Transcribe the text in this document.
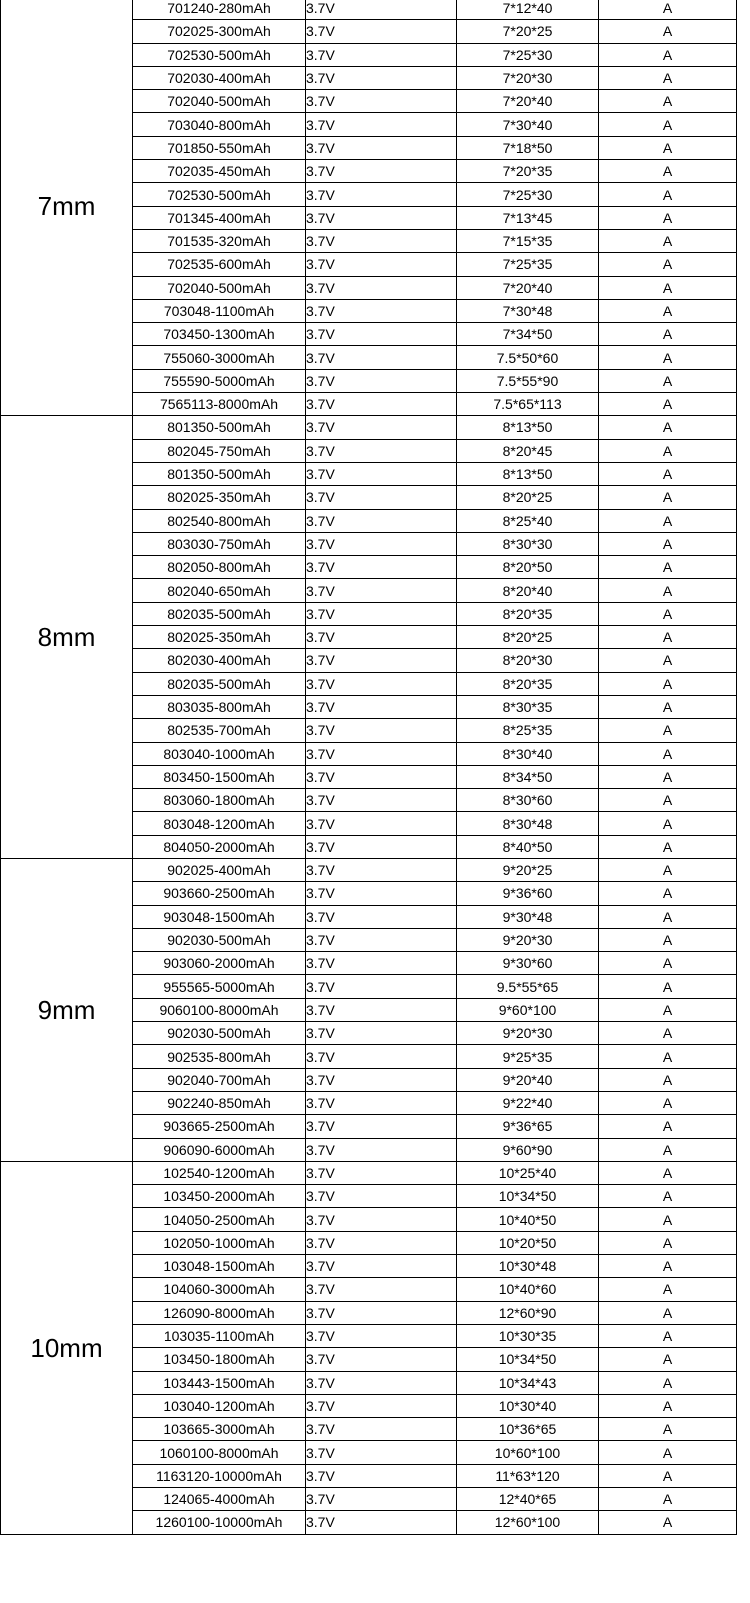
7mm	701240-280mAh	3.7V	7*12*40	A
	702025-300mAh	3.7V	7*20*25	A
	702530-500mAh	3.7V	7*25*30	A
	702030-400mAh	3.7V	7*20*30	A
	702040-500mAh	3.7V	7*20*40	A
	703040-800mAh	3.7V	7*30*40	A
	701850-550mAh	3.7V	7*18*50	A
	702035-450mAh	3.7V	7*20*35	A
	702530-500mAh	3.7V	7*25*30	A
	701345-400mAh	3.7V	7*13*45	A
	701535-320mAh	3.7V	7*15*35	A
	702535-600mAh	3.7V	7*25*35	A
	702040-500mAh	3.7V	7*20*40	A
	703048-1100mAh	3.7V	7*30*48	A
	703450-1300mAh	3.7V	7*34*50	A
	755060-3000mAh	3.7V	7.5*50*60	A
	755590-5000mAh	3.7V	7.5*55*90	A
	7565113-8000mAh	3.7V	7.5*65*113	A
8mm	801350-500mAh	3.7V	8*13*50	A
	802045-750mAh	3.7V	8*20*45	A
	801350-500mAh	3.7V	8*13*50	A
	802025-350mAh	3.7V	8*20*25	A
	802540-800mAh	3.7V	8*25*40	A
	803030-750mAh	3.7V	8*30*30	A
	802050-800mAh	3.7V	8*20*50	A
	802040-650mAh	3.7V	8*20*40	A
	802035-500mAh	3.7V	8*20*35	A
	802025-350mAh	3.7V	8*20*25	A
	802030-400mAh	3.7V	8*20*30	A
	802035-500mAh	3.7V	8*20*35	A
	803035-800mAh	3.7V	8*30*35	A
	802535-700mAh	3.7V	8*25*35	A
	803040-1000mAh	3.7V	8*30*40	A
	803450-1500mAh	3.7V	8*34*50	A
	803060-1800mAh	3.7V	8*30*60	A
	803048-1200mAh	3.7V	8*30*48	A
	804050-2000mAh	3.7V	8*40*50	A
9mm	902025-400mAh	3.7V	9*20*25	A
	903660-2500mAh	3.7V	9*36*60	A
	903048-1500mAh	3.7V	9*30*48	A
	902030-500mAh	3.7V	9*20*30	A
	903060-2000mAh	3.7V	9*30*60	A
	955565-5000mAh	3.7V	9.5*55*65	A
	9060100-8000mAh	3.7V	9*60*100	A
	902030-500mAh	3.7V	9*20*30	A
	902535-800mAh	3.7V	9*25*35	A
	902040-700mAh	3.7V	9*20*40	A
	902240-850mAh	3.7V	9*22*40	A
	903665-2500mAh	3.7V	9*36*65	A
	906090-6000mAh	3.7V	9*60*90	A
10mm	102540-1200mAh	3.7V	10*25*40	A
	103450-2000mAh	3.7V	10*34*50	A
	104050-2500mAh	3.7V	10*40*50	A
	102050-1000mAh	3.7V	10*20*50	A
	103048-1500mAh	3.7V	10*30*48	A
	104060-3000mAh	3.7V	10*40*60	A
	126090-8000mAh	3.7V	12*60*90	A
	103035-1100mAh	3.7V	10*30*35	A
	103450-1800mAh	3.7V	10*34*50	A
	103443-1500mAh	3.7V	10*34*43	A
	103040-1200mAh	3.7V	10*30*40	A
	103665-3000mAh	3.7V	10*36*65	A
	1060100-8000mAh	3.7V	10*60*100	A
	1163120-10000mAh	3.7V	11*63*120	A
	124065-4000mAh	3.7V	12*40*65	A
	1260100-10000mAh	3.7V	12*60*100	A
